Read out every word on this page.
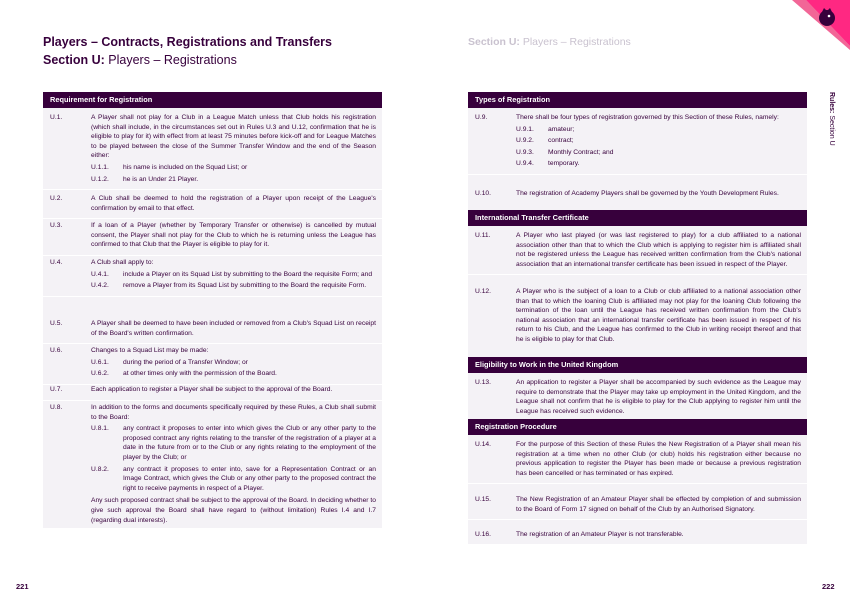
Players – Contracts, Registrations and Transfers
Section U: Players – Registrations
Section U: Players – Registrations
Rules: Section U
Requirement for Registration
U.1.	A Player shall not play for a Club in a League Match unless that Club holds his registration (which shall include, in the circumstances set out in Rules U.3 and U.12, confirmation that he is eligible to play for it) with effect from at least 75 minutes before kick-off and for League Matches to be played between the close of the Summer Transfer Window and the end of the Season either:
U.1.1. his name is included on the Squad List; or
U.1.2. he is an Under 21 Player.
U.2.	A Club shall be deemed to hold the registration of a Player upon receipt of the League's confirmation by email to that effect.
U.3.	If a loan of a Player (whether by Temporary Transfer or otherwise) is cancelled by mutual consent, the Player shall not play for the Club to which he is returning unless the League has confirmed to that Club that the Player is eligible to play for it.
U.4.	A Club shall apply to:
U.4.1. include a Player on its Squad List by submitting to the Board the requisite Form; and
U.4.2. remove a Player from its Squad List by submitting to the Board the requisite Form.
U.5.	A Player shall be deemed to have been included or removed from a Club's Squad List on receipt of the Board's written confirmation.
U.6.	Changes to a Squad List may be made:
U.6.1. during the period of a Transfer Window; or
U.6.2. at other times only with the permission of the Board.
U.7.	Each application to register a Player shall be subject to the approval of the Board.
U.8.	In addition to the forms and documents specifically required by these Rules, a Club shall submit to the Board:
U.8.1. any contract it proposes to enter into which gives the Club or any other party to the proposed contract any rights relating to the transfer of the registration of a player at a date in the future from or to the Club or any rights relating to the employment of the player by the Club; or
U.8.2. any contract it proposes to enter into, save for a Representation Contract or an Image Contract, which gives the Club or any other party to the proposed contract the right to receive payments in respect of a Player.
Any such proposed contract shall be subject to the approval of the Board. In deciding whether to give such approval the Board shall have regard to (without limitation) Rules I.4 and I.7 (regarding dual interests).
Types of Registration
U.9.	There shall be four types of registration governed by this Section of these Rules, namely:
U.9.1. amateur;
U.9.2. contract;
U.9.3. Monthly Contract; and
U.9.4. temporary.
U.10.	The registration of Academy Players shall be governed by the Youth Development Rules.
International Transfer Certificate
U.11.	A Player who last played (or was last registered to play) for a club affiliated to a national association other than that to which the Club which is applying to register him is affiliated shall not be registered unless the League has received written confirmation from the Club's national association that an international transfer certificate has been issued in respect of the Player.
U.12.	A Player who is the subject of a loan to a Club or club affiliated to a national association other than that to which the loaning Club is affiliated may not play for the loaning Club following the termination of the loan until the League has received written confirmation from the Club's national association that an international transfer certificate has been issued in respect of his return to his Club, and the League has confirmed to the Club in writing receipt thereof and that he is eligible to play for that Club.
Eligibility to Work in the United Kingdom
U.13.	An application to register a Player shall be accompanied by such evidence as the League may require to demonstrate that the Player may take up employment in the United Kingdom, and the League shall not confirm that he is eligible to play for the Club applying to register him until the League has received such evidence.
Registration Procedure
U.14.	For the purpose of this Section of these Rules the New Registration of a Player shall mean his registration at a time when no other Club (or club) holds his registration either because no previous application to register the Player has been made or because a previous registration has been cancelled or has terminated or has expired.
U.15.	The New Registration of an Amateur Player shall be effected by completion of and submission to the Board of Form 17 signed on behalf of the Club by an Authorised Signatory.
U.16.	The registration of an Amateur Player is not transferable.
221	222
